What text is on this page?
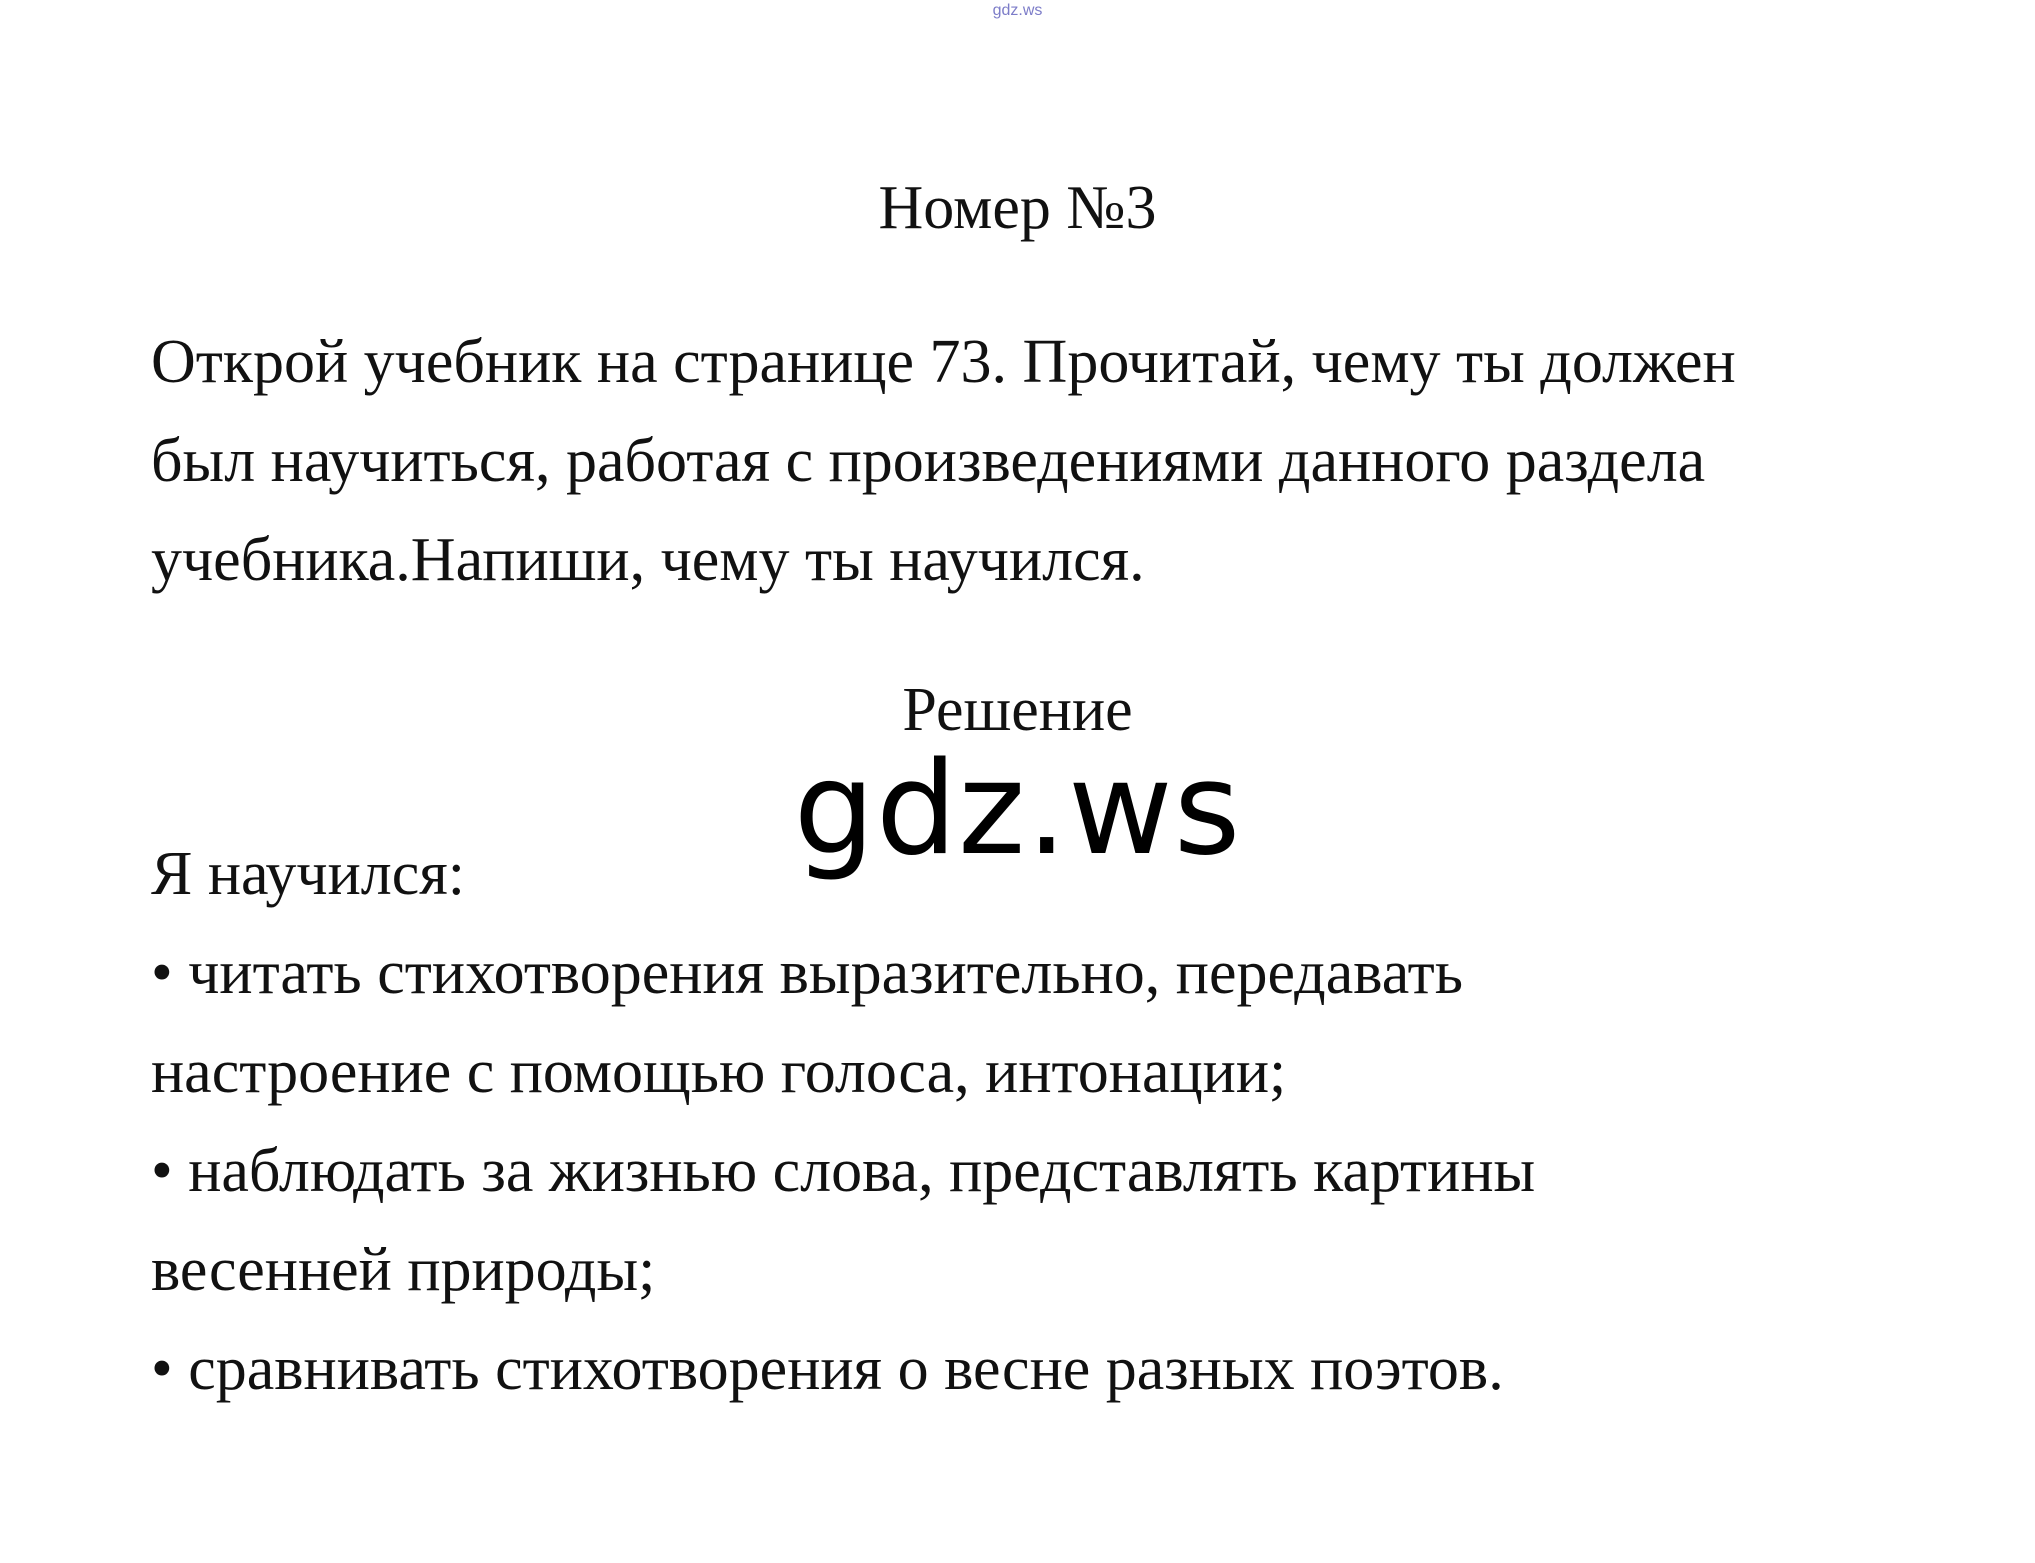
gdz.ws
Номер №3
Открой учебник на странице 73. Прочитай, чему ты должен
был научиться, работая с произведениями данного раздела
учебника.Напиши, чему ты научился.
Решение
Я научился:
• читать стихотворения выразительно, передавать
настроение с помощью голоса, интонации;
• наблюдать за жизнью слова, представлять картины
весенней природы;
• сравнивать стихотворения о весне разных поэтов.
gdz.ws
